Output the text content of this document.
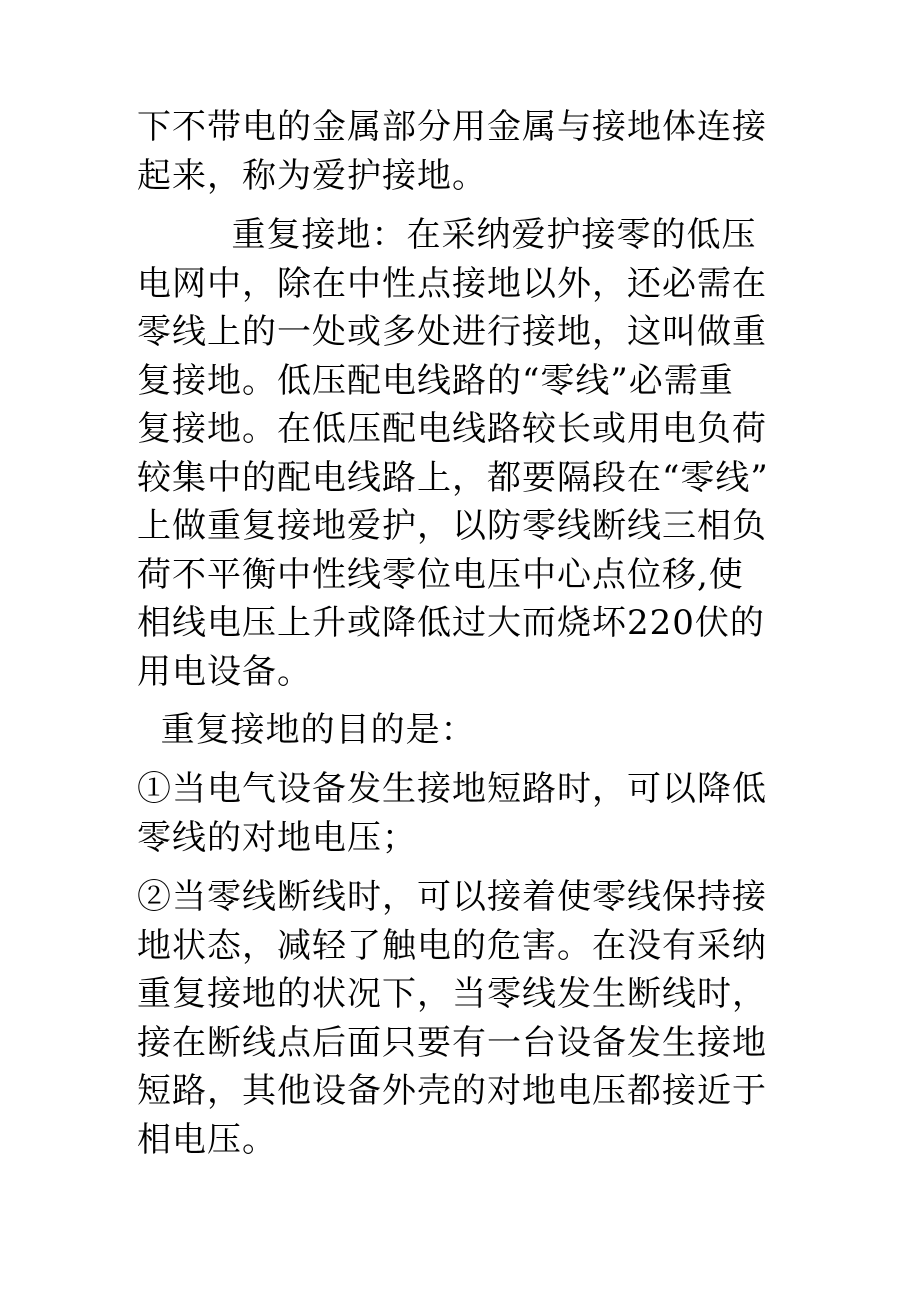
下不带电的金属部分用金属与接地体连接
起来，称为爱护接地。
重复接地：在采纳爱护接零的低压
电网中，除在中性点接地以外，还必需在
零线上的一处或多处进行接地，这叫做重
复接地。低压配电线路的“零线”必需重
复接地。在低压配电线路较长或用电负荷
较集中的配电线路上，都要隔段在“零线”
上做重复接地爱护，以防零线断线三相负
荷不平衡中性线零位电压中心点位移,使
相线电压上升或降低过大而烧坏220伏的
用电设备。
重复接地的目的是：
①当电气设备发生接地短路时，可以降低
零线的对地电压；
②当零线断线时，可以接着使零线保持接
地状态，减轻了触电的危害。在没有采纳
重复接地的状况下，当零线发生断线时，
接在断线点后面只要有一台设备发生接地
短路，其他设备外壳的对地电压都接近于
相电压。
